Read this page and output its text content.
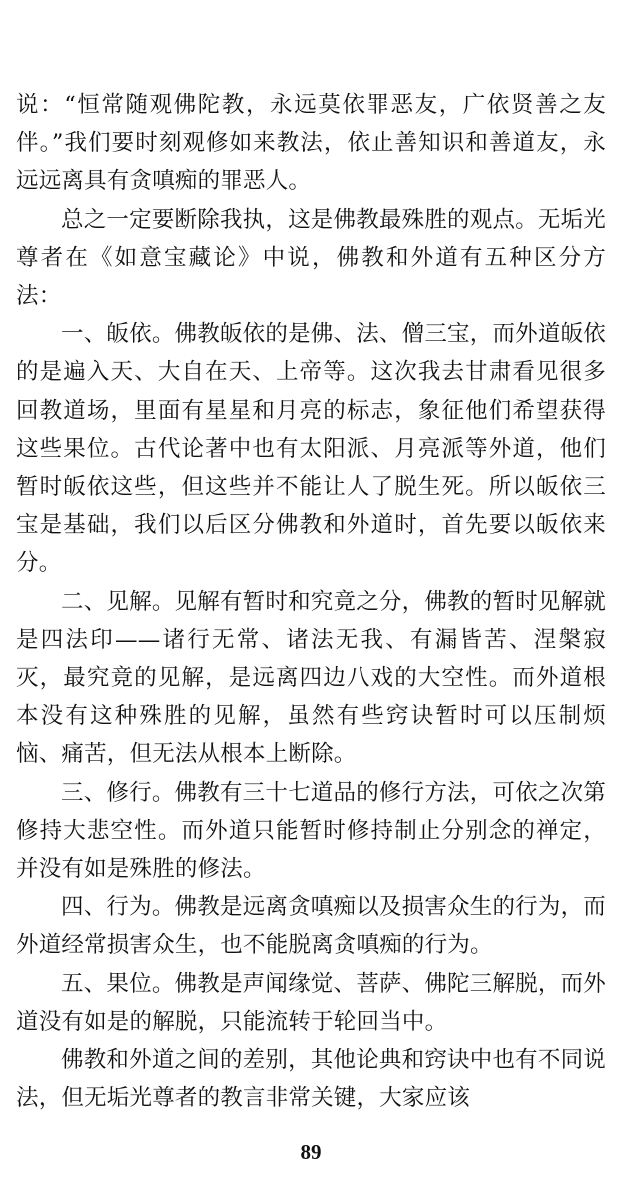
说：“恒常随观佛陀教，永远莫依罪恶友，广依贤善之友伴。”我们要时刻观修如来教法，依止善知识和善道友，永远远离具有贪嗔痴的罪恶人。

总之一定要断除我执，这是佛教最殊胜的观点。无垢光尊者在《如意宝藏论》中说，佛教和外道有五种区分方法：

一、皈依。佛教皈依的是佛、法、僧三宝，而外道皈依的是遍入天、大自在天、上帝等。这次我去甘肃看见很多回教道场，里面有星星和月亮的标志，象征他们希望获得这些果位。古代论著中也有太阳派、月亮派等外道，他们暂时皈依这些，但这些并不能让人了脱生死。所以皈依三宝是基础，我们以后区分佛教和外道时，首先要以皈依来分。

二、见解。见解有暂时和究竟之分，佛教的暂时见解就是四法印——诸行无常、诸法无我、有漏皆苦、涅槃寂灭，最究竟的见解，是远离四边八戏的大空性。而外道根本没有这种殊胜的见解，虽然有些窍诀暂时可以压制烦恼、痛苦，但无法从根本上断除。

三、修行。佛教有三十七道品的修行方法，可依之次第修持大悲空性。而外道只能暂时修持制止分别念的禅定，并没有如是殊胜的修法。

四、行为。佛教是远离贪嗔痴以及损害众生的行为，而外道经常损害众生，也不能脱离贪嗔痴的行为。

五、果位。佛教是声闻缘觉、菩萨、佛陀三解脱，而外道没有如是的解脱，只能流转于轮回当中。

佛教和外道之间的差别，其他论典和窍诀中也有不同说法，但无垢光尊者的教言非常关键，大家应该

89
